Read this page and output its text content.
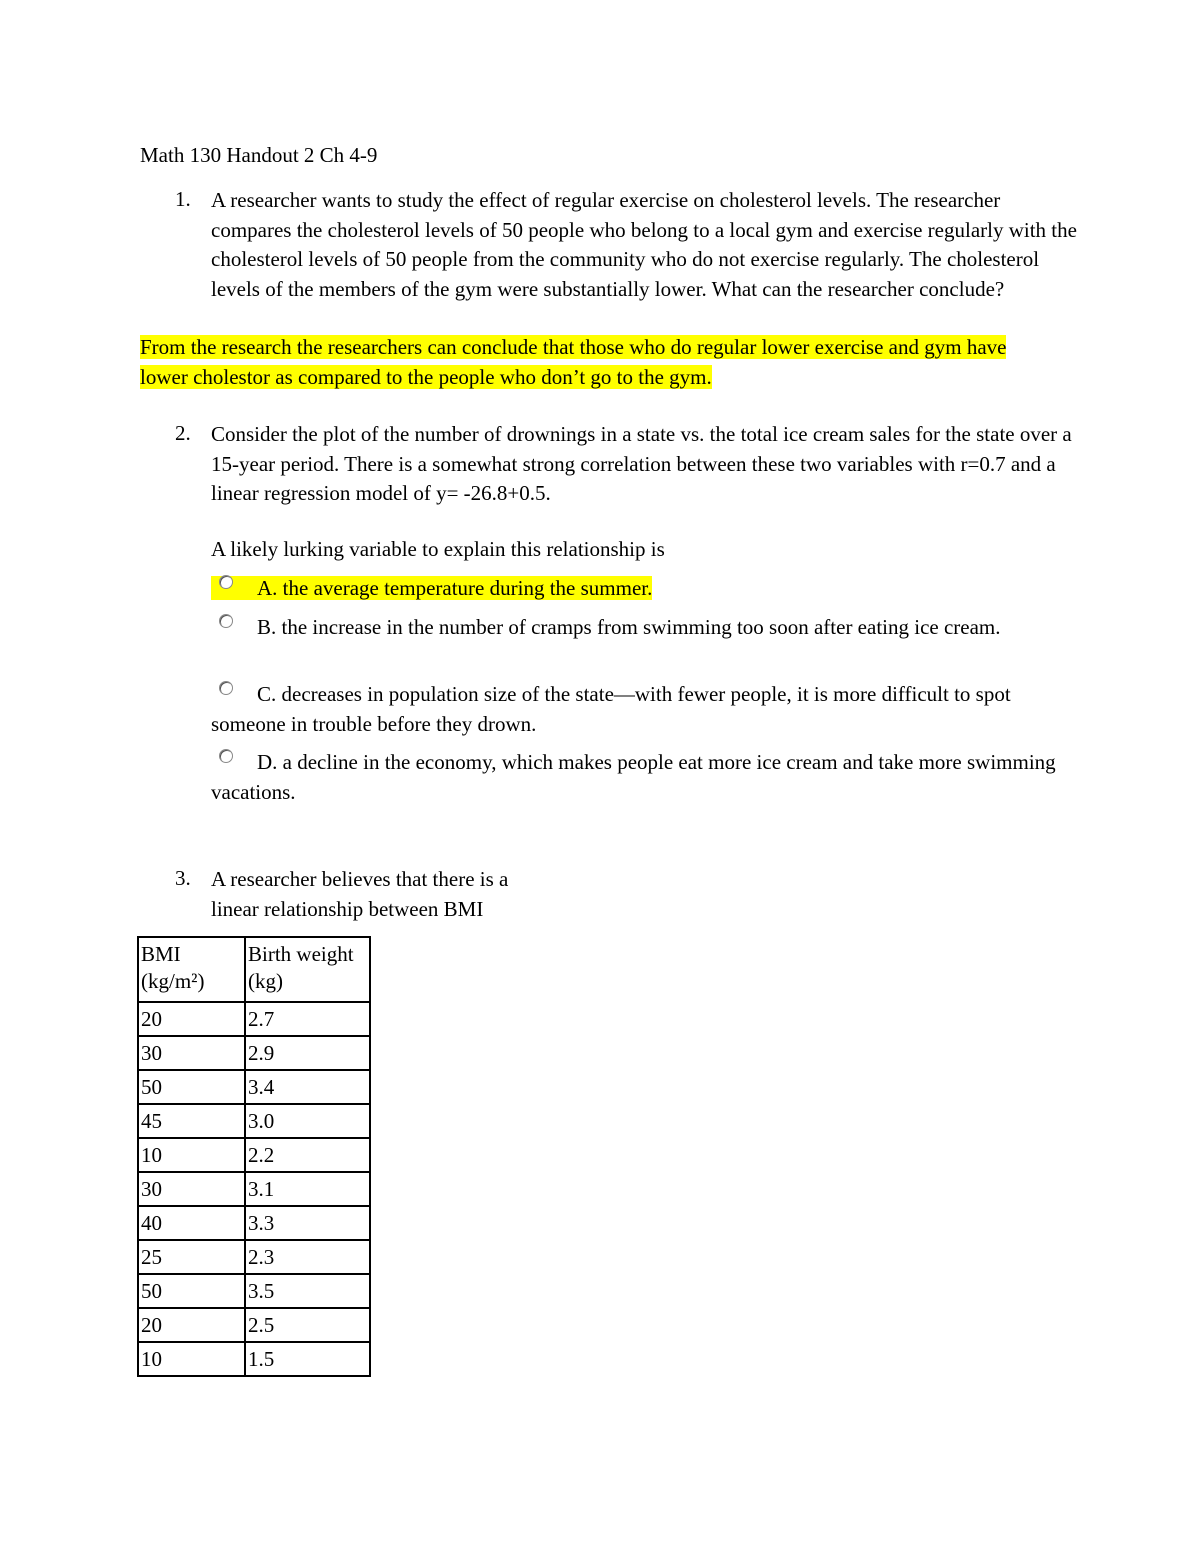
Math 130 Handout 2 Ch 4-9
1. A researcher wants to study the effect of regular exercise on cholesterol levels. The researcher compares the cholesterol levels of 50 people who belong to a local gym and exercise regularly with the cholesterol levels of 50 people from the community who do not exercise regularly. The cholesterol levels of the members of the gym were substantially lower. What can the researcher conclude?
From the research the researchers can conclude that those who do regular lower exercise and gym have lower cholestor as compared to the people who don’t go to the gym.
2. Consider the plot of the number of drownings in a state vs. the total ice cream sales for the state over a 15-year period. There is a somewhat strong correlation between these two variables with r=0.7 and a linear regression model of y= -26.8+0.5.
A likely lurking variable to explain this relationship is
A. the average temperature during the summer.
B. the increase in the number of cramps from swimming too soon after eating ice cream.
C. decreases in population size of the state—with fewer people, it is more difficult to spot someone in trouble before they drown.
D. a decline in the economy, which makes people eat more ice cream and take more swimming vacations.
3. A researcher believes that there is a linear relationship between BMI
BMI (kg/m²)	Birth weight (kg)
20	2.7
30	2.9
50	3.4
45	3.0
10	2.2
30	3.1
40	3.3
25	2.3
50	3.5
20	2.5
10	1.5
